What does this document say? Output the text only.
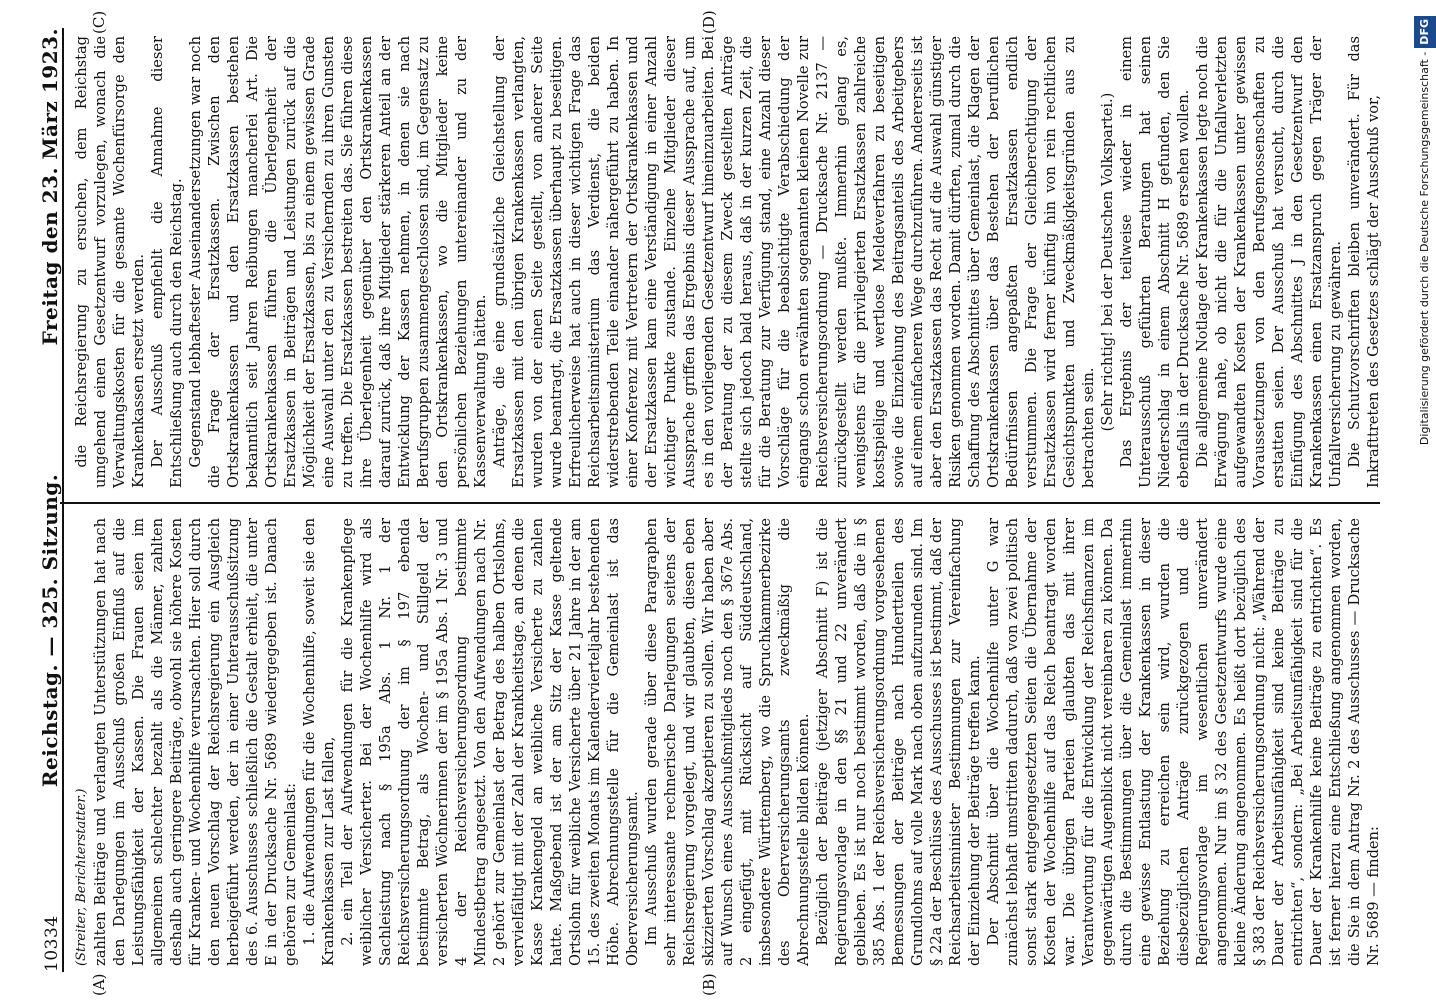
10334
Reichstag. — 325. Sitzung.
Freitag den 23. März 1923.
(A)	(B)
(C)	(D)

(Streiter, Berichterstatter.) zahlten Beiträge und verlangten Unterstützungen hat nach den Darlegungen im Ausschuß großen Einfluß auf die Leistungsfähigkeit der Kassen. Die Frauen seien im allgemeinen schlechter bezahlt als die Männer, zahlten deshalb auch geringere Beiträge, obwohl sie höhere Kosten für Kranken- und Wochenhilfe verursachten. Hier soll durch den neuen Vorschlag der Reichsregierung ein Ausgleich herbeigeführt werden, der in einer Unterausschußsitzung des 6. Ausschusses schließlich die Gestalt erhielt, die unter E in der Drucksache Nr. 5689 wiedergegeben ist. Danach gehören zur Gemeinlast: 1. die Aufwendungen für die Wochenhilfe, soweit sie den Krankenkassen zur Last fallen, 2. ein Teil der Aufwendungen für die Krankenpflege weiblicher Versicherter. Bei der Wochenhilfe wird als Sachleistung nach § 195a Abs. 1 Nr. 1 der Reichsversicherungsordnung der im § 197 ebenda bestimmte Betrag, als Wochen- und Stillgeld der versicherten Wöchnerinnen der im § 195a Abs. 1 Nr. 3 und 4 der Reichsversicherungsordnung bestimmte Mindestbetrag angesetzt. Von den Aufwendungen nach Nr. 2 gehört zur Gemeinlast der Betrag des halben Ortslohns, vervielfältigt mit der Zahl der Krankheitstage, an denen die Kasse Krankengeld an weibliche Versicherte zu zahlen hatte. Maßgebend ist der am Sitz der Kasse geltende Ortslohn für weibliche Versicherte über 21 Jahre in der am 15. des zweiten Monats im Kalendervierteljahr bestehenden Höhe. Abrechnungsstelle für die Gemeinlast ist das Oberversicherungsamt. Im Ausschuß wurden gerade über diese Paragraphen sehr interessante rechnerische Darlegungen seitens der Reichsregierung vorgelegt, und wir glaubten, diesen eben skizzierten Vorschlag akzeptieren zu sollen. Wir haben aber auf Wunsch eines Ausschußmitglieds noch den § 367e Abs. 2 eingefügt, mit Rücksicht auf Süddeutschland, insbesondere Württemberg, wo die Spruchkammerbezirke des Oberversicherungsamts zweckmäßig die Abrechnungsstelle bilden können. Bezüglich der Beiträge (jetziger Abschnitt F) ist die Regierungsvorlage in den §§ 21 und 22 unverändert geblieben. Es ist nur noch bestimmt worden, daß die in § 385 Abs. 1 der Reichsversicherungsordnung vorgesehenen Bemessungen der Beiträge nach Hundertteilen des Grundlohns auf volle Mark nach oben aufzurunden sind. Im § 22a der Beschlüsse des Ausschusses ist bestimmt, daß der Reichsarbeitsminister Bestimmungen zur Vereinfachung der Einziehung der Beiträge treffen kann. Der Abschnitt über die Wochenhilfe unter G war zunächst lebhaft umstritten dadurch, daß von zwei politisch sonst stark entgegengesetzten Seiten die Übernahme der Kosten der Wochenhilfe auf das Reich beantragt worden war. Die übrigen Parteien glaubten das mit ihrer Verantwortung für die Entwicklung der Reichsfinanzen im gegenwärtigen Augenblick nicht vereinbaren zu können. Da durch die Bestimmungen über die Gemeinlast immerhin eine gewisse Entlastung der Krankenkassen in dieser Beziehung zu erreichen sein wird, wurden die diesbezüglichen Anträge zurückgezogen und die Regierungsvorlage im wesentlichen unverändert angenommen. Nur im § 32 des Gesetzentwurfs wurde eine kleine Änderung angenommen. Es heißt dort bezüglich des § 383 der Reichsversicherungsordnung nicht: „Während der Dauer der Arbeitsunfähigkeit sind keine Beiträge zu entrichten“, sondern: „Bei Arbeitsunfähigkeit sind für die Dauer der Krankenhilfe keine Beiträge zu entrichten“. Es ist ferner hierzu eine Entschließung angenommen worden, die Sie in dem Antrag Nr. 2 des Ausschusses — Drucksache Nr. 5689 — finden:

die Reichsregierung zu ersuchen, dem Reichstag umgehend einen Gesetzentwurf vorzulegen, wonach die Verwaltungskosten für die gesamte Wochenfürsorge den Krankenkassen ersetzt werden. Der Ausschuß empfiehlt die Annahme dieser Entschließung auch durch den Reichstag. Gegenstand lebhaftester Auseinandersetzungen war noch die Frage der Ersatzkassen. Zwischen den Ortskrankenkassen und den Ersatzkassen bestehen bekanntlich seit Jahren Reibungen mancherlei Art. Die Ortskrankenkassen führen die Überlegenheit der Ersatzkassen in Beiträgen und Leistungen zurück auf die Möglichkeit der Ersatzkassen, bis zu einem gewissen Grade eine Auswahl unter den zu Versichernden zu ihren Gunsten zu treffen. Die Ersatzkassen bestreiten das. Sie führen diese ihre Überlegenheit gegenüber den Ortskrankenkassen darauf zurück, daß ihre Mitglieder stärkeren Anteil an der Entwicklung der Kassen nehmen, in denen sie nach Berufsgruppen zusammengeschlossen sind, im Gegensatz zu den Ortskrankenkassen, wo die Mitglieder keine persönlichen Beziehungen untereinander und zu der Kassenverwaltung hätten. Anträge, die eine grundsätzliche Gleichstellung der Ersatzkassen mit den übrigen Krankenkassen verlangten, wurden von der einen Seite gestellt, von anderer Seite wurde beantragt, die Ersatzkassen überhaupt zu beseitigen. Erfreulicherweise hat auch in dieser wichtigen Frage das Reichsarbeitsministerium das Verdienst, die beiden widerstrebenden Teile einander nähergeführt zu haben. In einer Konferenz mit Vertretern der Ortskrankenkassen und der Ersatzkassen kam eine Verständigung in einer Anzahl wichtiger Punkte zustande. Einzelne Mitglieder dieser Aussprache griffen das Ergebnis dieser Aussprache auf, um es in den vorliegenden Gesetzentwurf hineinzuarbeiten. Bei der Beratung der zu diesem Zweck gestellten Anträge stellte sich jedoch bald heraus, daß in der kurzen Zeit, die für die Beratung zur Verfügung stand, eine Anzahl dieser Vorschläge für die beabsichtigte Verabschiedung der eingangs schon erwähnten sogenannten kleinen Novelle zur Reichsversicherungsordnung — Drucksache Nr. 2137 — zurückgestellt werden mußte. Immerhin gelang es, wenigstens für die privilegierten Ersatzkassen zahlreiche kostspielige und wertlose Meldeverfahren zu beseitigen sowie die Einziehung des Beitragsanteils des Arbeitgebers auf einem einfacheren Wege durchzuführen. Andererseits ist aber den Ersatzkassen das Recht auf die Auswahl günstiger Risiken genommen worden. Damit dürften, zumal durch die Schaffung des Abschnittes über Gemeinlast, die Klagen der Ortskrankenkassen über das Bestehen der beruflichen Bedürfnissen angepaßten Ersatzkassen endlich verstummen. Die Frage der Gleichberechtigung der Ersatzkassen wird ferner künftig hin von rein rechtlichen Gesichtspunkten und Zweckmäßigkeitsgründen aus zu betrachten sein. (Sehr richtig! bei der Deutschen Volkspartei.) Das Ergebnis der teilweise wieder in einem Unterausschuß geführten Beratungen hat seinen Niederschlag in einem Abschnitt H gefunden, den Sie ebenfalls in der Drucksache Nr. 5689 ersehen wollen. Die allgemeine Notlage der Krankenkassen legte noch die Erwägung nahe, ob nicht die für die Unfallverletzten aufgewandten Kosten der Krankenkassen unter gewissen Voraussetzungen von den Berufsgenossenschaften zu erstatten seien. Der Ausschuß hat versucht, durch die Einfügung des Abschnittes J in den Gesetzentwurf den Krankenkassen einen Ersatzanspruch gegen Träger der Unfallversicherung zu gewähren. Die Schutzvorschriften bleiben unverändert. Für das Inkrafttreten des Gesetzes schlägt der Ausschuß vor,	Digitalisierung gefördert durch die Deutsche Forschungsgemeinschaft -DFG
